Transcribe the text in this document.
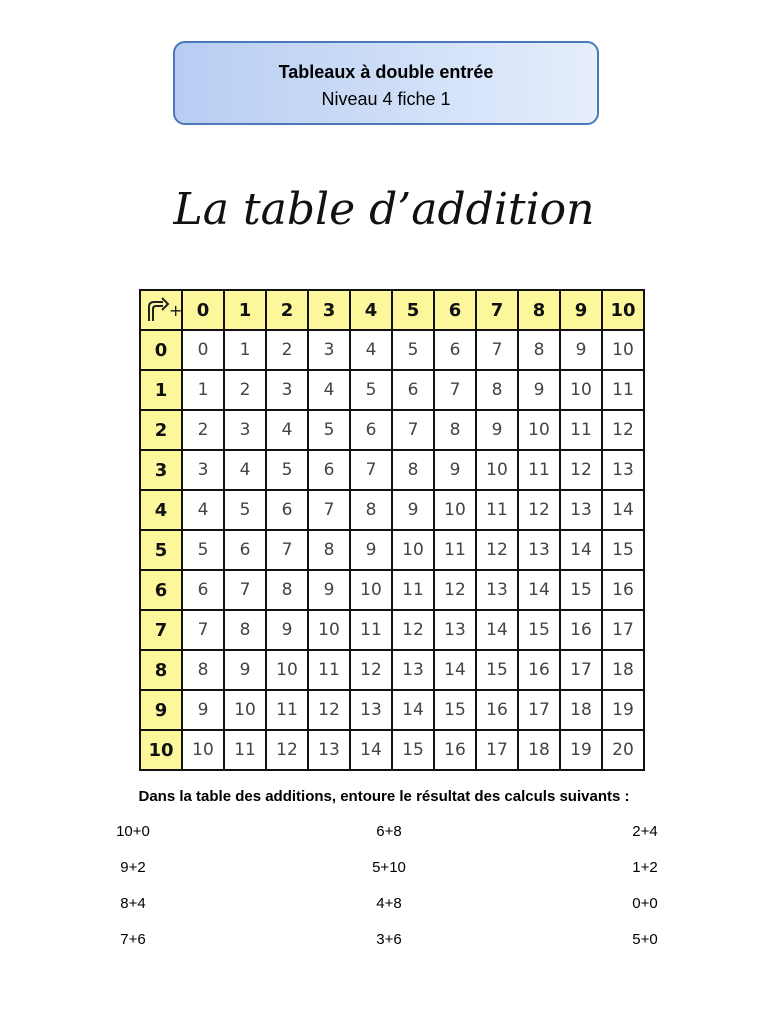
Tableaux à double entrée
Niveau 4 fiche 1
La table d’addition
+	0	1	2	3	4	5	6	7	8	9	10
0	0	1	2	3	4	5	6	7	8	9	10
1	1	2	3	4	5	6	7	8	9	10	11
2	2	3	4	5	6	7	8	9	10	11	12
3	3	4	5	6	7	8	9	10	11	12	13
4	4	5	6	7	8	9	10	11	12	13	14
5	5	6	7	8	9	10	11	12	13	14	15
6	6	7	8	9	10	11	12	13	14	15	16
7	7	8	9	10	11	12	13	14	15	16	17
8	8	9	10	11	12	13	14	15	16	17	18
9	9	10	11	12	13	14	15	16	17	18	19
10	10	11	12	13	14	15	16	17	18	19	20
Dans la table des additions, entoure le résultat des calculs suivants :
10+0
9+2
8+4
7+6
6+8
5+10
4+8
3+6
2+4
1+2
0+0
5+0
